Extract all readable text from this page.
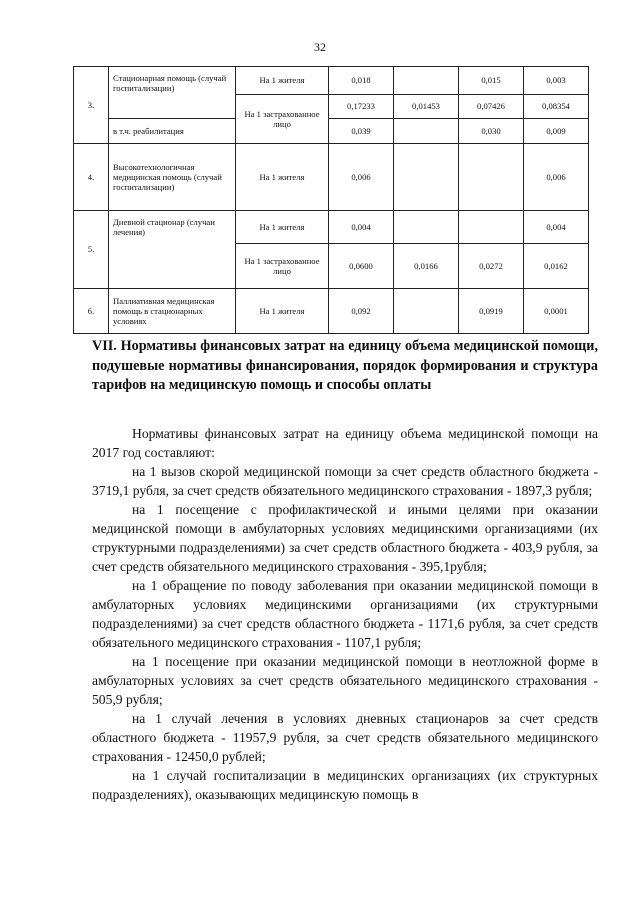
32
3.	Стационарная помощь (случай госпитализации)	На 1 жителя	0,018		0,015	0,003
		На 1 застрахованное лицо	0,17233	0,01453	0,07426	0,08354
	в т.ч. реабилитация		0,039		0,030	0,009
4.	Высокотехнологичная медицинская помощь (случай госпитализации)	На 1 жителя	0,006			0,006
5.	Дневной стационар (случаи лечения)	На 1 жителя	0,004			0,004
		На 1 застрахованное лицо	0,0600	0,0166	0,0272	0,0162
6.	Паллиативная медицинская помощь в стационарных условиях	На 1 жителя	0,092		0,0919	0,0001
VII. Нормативы финансовых затрат на единицу объема медицинской помощи, подушевые нормативы финансирования, порядок формирования и структура тарифов на медицинскую помощь и способы оплаты

Нормативы финансовых затрат на единицу объема медицинской помощи на 2017 год составляют:

на 1 вызов скорой медицинской помощи за счет средств областного бюджета - 3719,1 рубля, за счет средств обязательного медицинского страхования - 1897,3 рубля;

на 1 посещение с профилактической и иными целями при оказании медицинской помощи в амбулаторных условиях медицинскими организациями (их структурными подразделениями) за счет средств областного бюджета - 403,9 рубля, за счет средств обязательного медицинского страхования - 395,1рубля;

на 1 обращение по поводу заболевания при оказании медицинской помощи в амбулаторных условиях медицинскими организациями (их структурными подразделениями) за счет средств областного бюджета - 1171,6 рубля, за счет средств обязательного медицинского страхования - 1107,1 рубля;

на 1 посещение при оказании медицинской помощи в неотложной форме в амбулаторных условиях за счет средств обязательного медицинского страхования - 505,9 рубля;

на 1 случай лечения в условиях дневных стационаров за счет средств областного бюджета - 11957,9 рубля, за счет средств обязательного медицинского страхования - 12450,0 рублей;

на 1 случай госпитализации в медицинских организациях (их структурных подразделениях), оказывающих медицинскую помощь в
